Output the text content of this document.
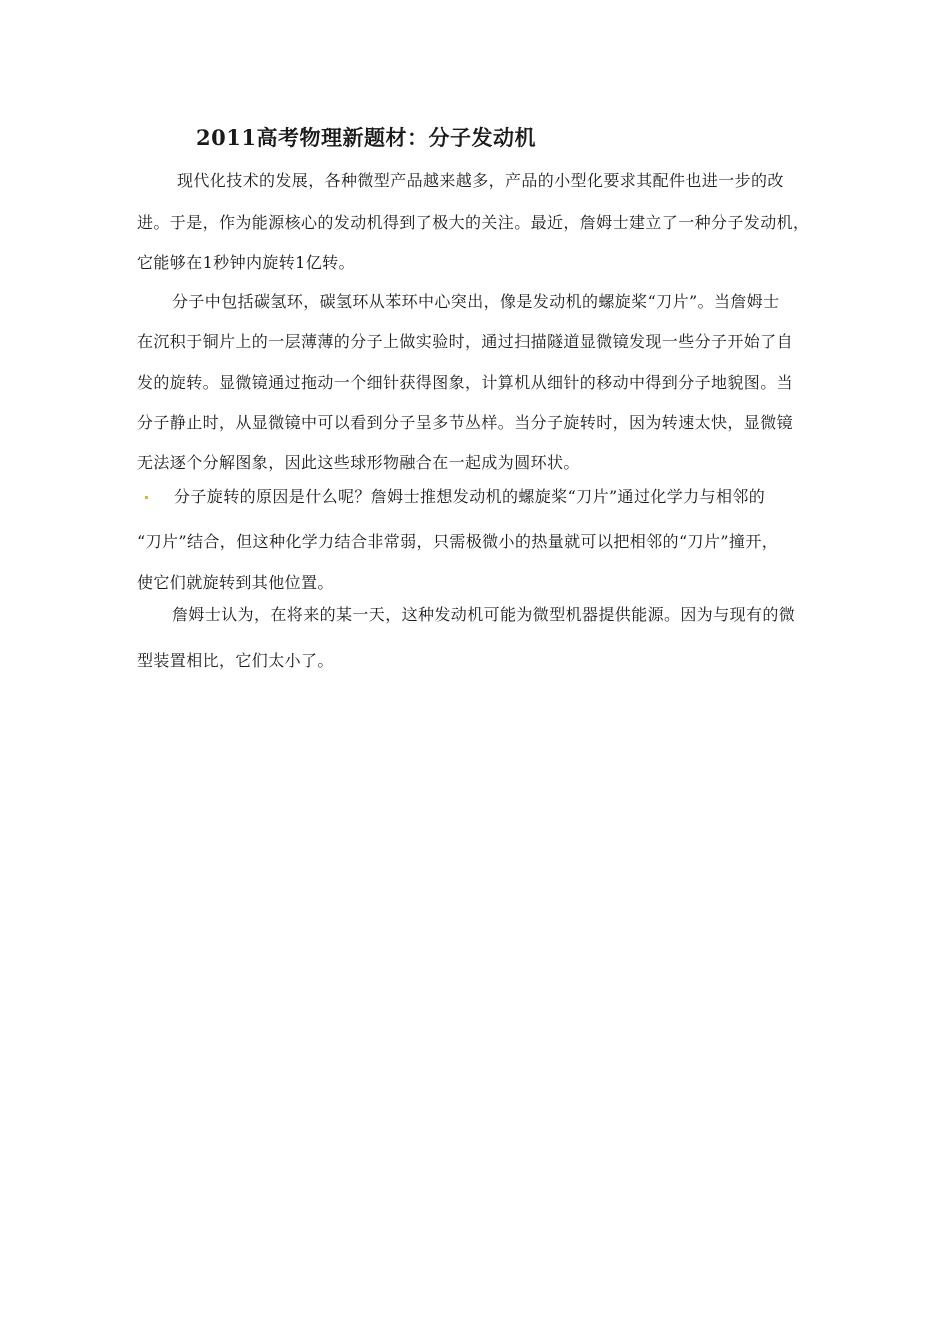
2011高考物理新题材：分子发动机

现代化技术的发展，各种微型产品越来越多，产品的小型化要求其配件也进一步的改

进。于是，作为能源核心的发动机得到了极大的关注。最近，詹姆士建立了一种分子发动机，

它能够在1秒钟内旋转1亿转。

分子中包括碳氢环，碳氢环从苯环中心突出，像是发动机的螺旋桨“刀片”。当詹姆士

在沉积于铜片上的一层薄薄的分子上做实验时，通过扫描隧道显微镜发现一些分子开始了自

发的旋转。显微镜通过拖动一个细针获得图象，计算机从细针的移动中得到分子地貌图。当

分子静止时，从显微镜中可以看到分子呈多节丛样。当分子旋转时，因为转速太快，显微镜

无法逐个分解图象，因此这些球形物融合在一起成为圆环状。

分子旋转的原因是什么呢？詹姆士推想发动机的螺旋桨“刀片”通过化学力与相邻的

“刀片”结合，但这种化学力结合非常弱，只需极微小的热量就可以把相邻的“刀片”撞开，

使它们就旋转到其他位置。

詹姆士认为，在将来的某一天，这种发动机可能为微型机器提供能源。因为与现有的微

型装置相比，它们太小了。
